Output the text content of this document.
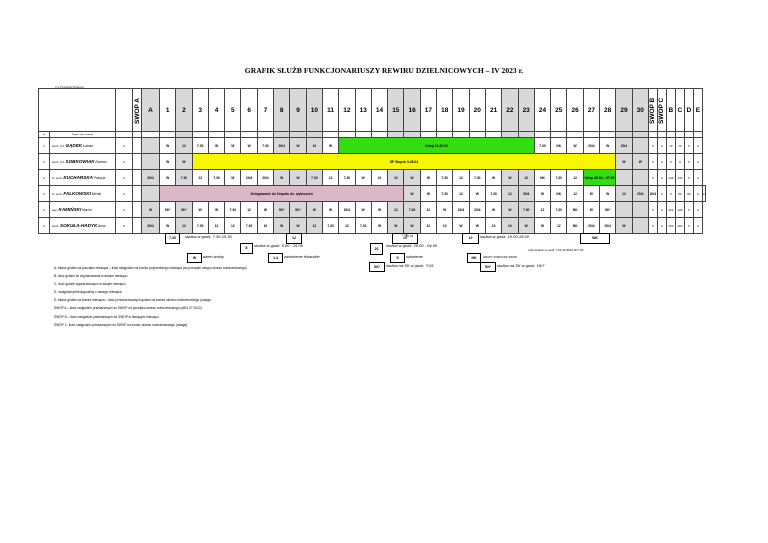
GRAFIK SŁUŻB FUNKCJONARIUSZY REWIRU DZIELNICOWYCH – IV 2023 r.
DYŻUR/PRZERWA
			SWOP A	A	1	2	3	4	5	6	7	8	9	10	11	12	13	14	15	16	17	18	19	20	21	22	23	24	25	26	27	28	29	30	SWOP B	SWOP C	B	C	D	E	
Lp	Stopień, imię, nazwisko																																								
1	sierż. szt. GĄDEK Łukasz	0			W	12	7.30	W	W	W	7.30	20/4	W	10	W	Urlop 12-20.04												7.30	NK	W	20/4	W	20/4		0	0	72	72	0	0	
2	sierż. szt. SOBKOWIAK Damian	0			W	W	SP Słupsk 3-28.04																										W	W	0	0	0	0	0	0	
3	st. post. KUCHARSKA Patrycja	0		20/4	W	7.30	12	7.30	W	20/4	20/4	W	W	7.30	12	7.30	W	10	10	W	W	7.30	12	7.30	W	W	12	NK	7.30	12	Urlop 28.04 – 07.05				0	0	144	144	0	0	
4	st. post. FALKOWSKI Michał	0			Delegowanie do Zespołu ds. wykroczeń															W	W	7.30	12	W	7.30	12	20/4	W	NK	12	W	W	12	20/4	20/4	0	0	80	80	0	0
5	asp. KAMIŃSKI Marcin	0		W	SK³	SK³	W	W	7.30	12	W	SK³	SK³	W	W	20/4	W	W	12	7.30	12	W	20/4	20/4	W	W	7.30	12	7.30	NK	W	SK³			0	0	112	136	0	0	
6	sierż. SOKUŁA-HADYK Anna	8		20/4	W	12	7.30	12	12	7.30	10	W	W	12	7.30	12	7.30	W	W	W	12	10	W	W	10	10	W	W	12	NK	20/4	20/4	W		0	0	152	160	0	0	
7.30	służba w godz. 7.30-15.30	12
7.30
8	służba w godz. 8.00 - 16.00
20
służba w godz. 20.00 - 04.00
10	10
10.00	służba w godz. 10.00-18.00	WK
czas wyjazdu w godz. 7.00-16.00/10.00-7.00
W	dzień wolny	1.4	zwolnienie lekarskie	S	szkolenie	NK	GRUPY ROBOCZE WDPR
SK³	służba na SK w godz. 7/19	SK²	służba na SK w godz. 19/7
A- bilans godzin na początku miesiąca – ilość nadgodzin na koniec poprzedniego miesiąca (od początku ustępu okresu rozliczeniowego)
B- ilość godzin do wypracowania w danym miesiącu
C- ilość godzin wypracowanych w danym miesiącu
D- nadgodziny/niedogodziny z danego miesiąca
E- bilans godzin na koniec miesiąca – ilość przepracowanych godzin na koniec okresu rozliczeniowego (uwaga
SWOP A – ilość nadgodzin przekazanych do SWOP od początku okresu rozliczeniowego (stl01.07.2022)
SWOP B – ilość nadgodzin przekazanych do SWOP w bieżącym miesiącu
SWOP C- ilość nadgodzin przekazanych do SWOP na koniec okresu rozliczeniowego (uwaga)
